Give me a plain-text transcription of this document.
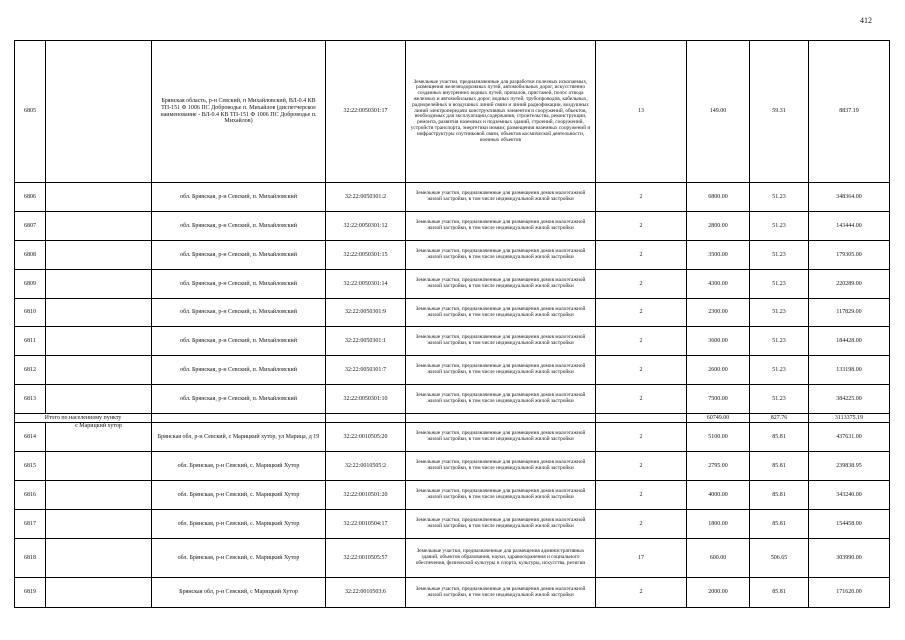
412
6805		Брянская область, р-н Севский, п Михайловский, ВЛ-0.4 КВ ТП-151 Ф 1006 ПС Доброводье п. Михайлов (диспетчерское наименование - ВЛ-0.4 КВ ТП-151 Ф 1006 ПС Доброводье п. Михайлов)	32:22:0050301:17	Земельные участки, предназначенные для разработки полезных ископаемых, размещения железнодорожных путей, автомобильных дорог, искусственно созданных внутренних водных путей, причалов, пристаней, полос отвода железных и автомобильных дорог, водных путей, трубопроводов, кабельных, радиорелейных и воздушных линий связи и линий радиофикации, воздушных линий электропередачи конструктивных элементов и сооружений, объектов, необходимых для эксплуатации,содержания, строительства, реконструкции, ремонта, развития наземных и подземных зданий, строений, сооружений, устройств транспорта, энергетики иєвязи; размещения наземных сооружений и инфраструктуры спутниковой связи, объектов космической деятельности, военных объектов	13	149.00	59.31	8837.19
6806		обл. Брянская, р-н Севский, п. Михайловский	32:22:0050301:2	Земельные участки, предназначенные для размещения домов малоэтажной жилой застройки, в том числе индивидуальной жилой застройки	2	6800.00	51.23	348364.00
6807		обл. Брянская, р-н Севский, п. Михайловский	32:22:0050301:12	Земельные участки, предназначенные для размещения домов малоэтажной жилой застройки, в том числе индивидуальной жилой застройки	2	2800.00	51.23	143444.00
6808		обл. Брянская, р-н Севский, п. Михайловский	32:22:0050301:15	Земельные участки, предназначенные для размещения домов малоэтажной жилой застройки, в том числе индивидуальной жилой застройки	2	3500.00	51.23	179305.00
6809		обл. Брянская, р-н Севский, п. Михайловский	32:22:0050301:14	Земельные участки, предназначенные для размещения домов малоэтажной жилой застройки, в том числе индивидуальной жилой застройки	2	4300.00	51.23	220289.00
6810		обл. Брянская, р-н Севский, п. Михайловский	32:22:0050301:9	Земельные участки, предназначенные для размещения домов малоэтажной жилой застройки, в том числе индивидуальной жилой застройки	2	2300.00	51.23	117829.00
6811		обл. Брянская, р-н Севский, п. Михайловский	32:22:0050301:1	Земельные участки, предназначенные для размещения домов малоэтажной жилой застройки, в том числе индивидуальной жилой застройки	2	3600.00	51.23	184428.00
6812		обл. Брянская, р-н Севский, п. Михайловский	32:22:0050301:7	Земельные участки, предназначенные для размещения домов малоэтажной жилой застройки, в том числе индивидуальной жилой застройки	2	2600.00	51.23	133198.00
6813		обл. Брянская, р-н Севский, п. Михайловский	32:22:0050301:10	Земельные участки, предназначенные для размещения домов малоэтажной жилой застройки, в том числе индивидуальной жилой застройки	2	7500.00	51.23	384225.00
Итого по населенному пункту						60749.00	827.76	3113375.19
6814	с Марицкий хутор	Брянская обл, р-н Севский, с Марицкий хутор, ул Марица, д 19	32:22:0010505:20	Земельные участки, предназначенные для размещения домов малоэтажной жилой застройки, в том числе индивидуальной жилой застройки	2	5100.00	85.81	437631.00
6815		обл. Брянская, р-н Севский, с. Марицкий Хутор	32:22:0010505:2	Земельные участки, предназначенные для размещения домов малоэтажной жилой застройки, в том числе индивидуальной жилой застройки	2	2795.00	85.81	239838.95
6816		обл. Брянская, р-н Севский, с. Марицкий Хутор	32:22:0010501:20	Земельные участки, предназначенные для размещения домов малоэтажной жилой застройки, в том числе индивидуальной жилой застройки	2	4000.00	85.81	343240.00
6817		обл. Брянская, р-н Севский, с. Марицкий Хутор	32:22:0010504:17	Земельные участки, предназначенные для размещения домов малоэтажной жилой застройки, в том числе индивидуальной жилой застройки	2	1800.00	85.81	154458.00
6818		обл. Брянская, р-н Севский, с. Марицкий Хутор	32:22:0010505:57	Земельные участки, предназначенные для размещения административных зданий, объектов образования, науки, здравоохранения и социального обеспечения, физической культуры и спорта, культуры, искусства, религии	17	600.00	506.65	303990.00
6819		Брянская обл, р-н Севский, с Марицкий Хутор	32:22:0010503:6	Земельные участки, предназначенные для размещения домов малоэтажной жилой застройки, в том числе индивидуальной жилой застройки	2	2000.00	85.81	171620.00
